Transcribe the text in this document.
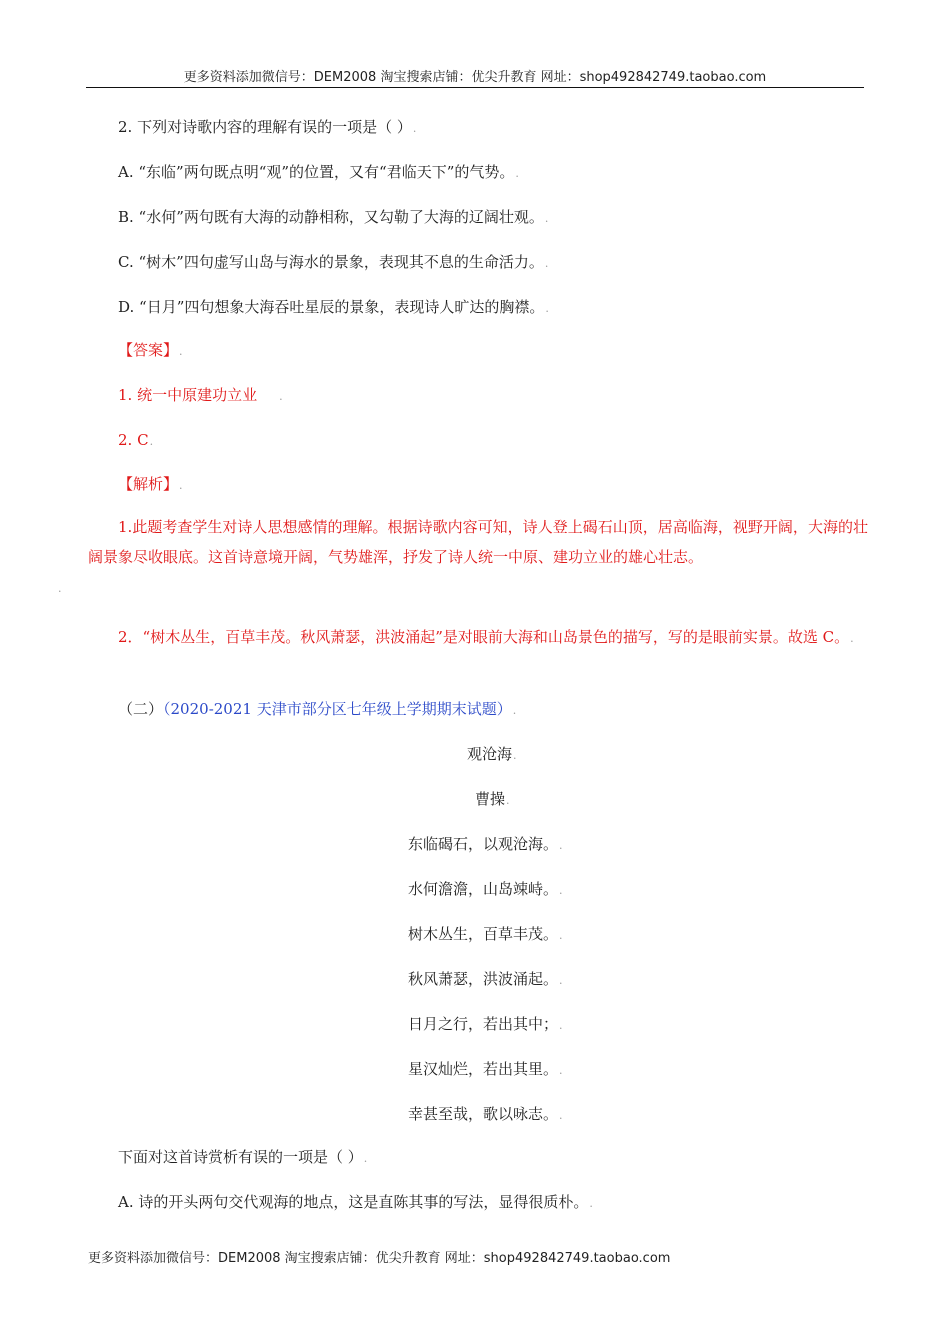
更多资料添加微信号：DEM2008 淘宝搜索店铺：优尖升教育 网址：shop492842749.taobao.com
2. 下列对诗歌内容的理解有误的一项是（ ）.
A. “东临”两句既点明“观”的位置，又有“君临天下”的气势。.
B. “水何”两句既有大海的动静相称，又勾勒了大海的辽阔壮观。.
C. “树木”四句虚写山岛与海水的景象，表现其不息的生命活力。.
D. “日月”四句想象大海吞吐星辰的景象，表现诗人旷达的胸襟。.
【答案】.
1. 统一中原建功立业 .
2. C.
【解析】.
1.此题考查学生对诗人思想感情的理解。根据诗歌内容可知，诗人登上碣石山顶，居高临海，视野开阔，大海的壮阔景象尽收眼底。这首诗意境开阔，气势雄浑，抒发了诗人统一中原、建功立业的雄心壮志。
.
2．“树木丛生，百草丰茂。秋风萧瑟，洪波涌起”是对眼前大海和山岛景色的描写，写的是眼前实景。故选 C。.
（二）（2020-2021 天津市部分区七年级上学期期末试题）.
观沧海.
曹操.
东临碣石，以观沧海。.
水何澹澹，山岛竦峙。.
树木丛生，百草丰茂。.
秋风萧瑟，洪波涌起。.
日月之行，若出其中；.
星汉灿烂，若出其里。.
幸甚至哉，歌以咏志。.
下面对这首诗赏析有误的一项是（ ）.
A. 诗的开头两句交代观海的地点，这是直陈其事的写法，显得很质朴。.
更多资料添加微信号：DEM2008 淘宝搜索店铺：优尖升教育 网址：shop492842749.taobao.com
